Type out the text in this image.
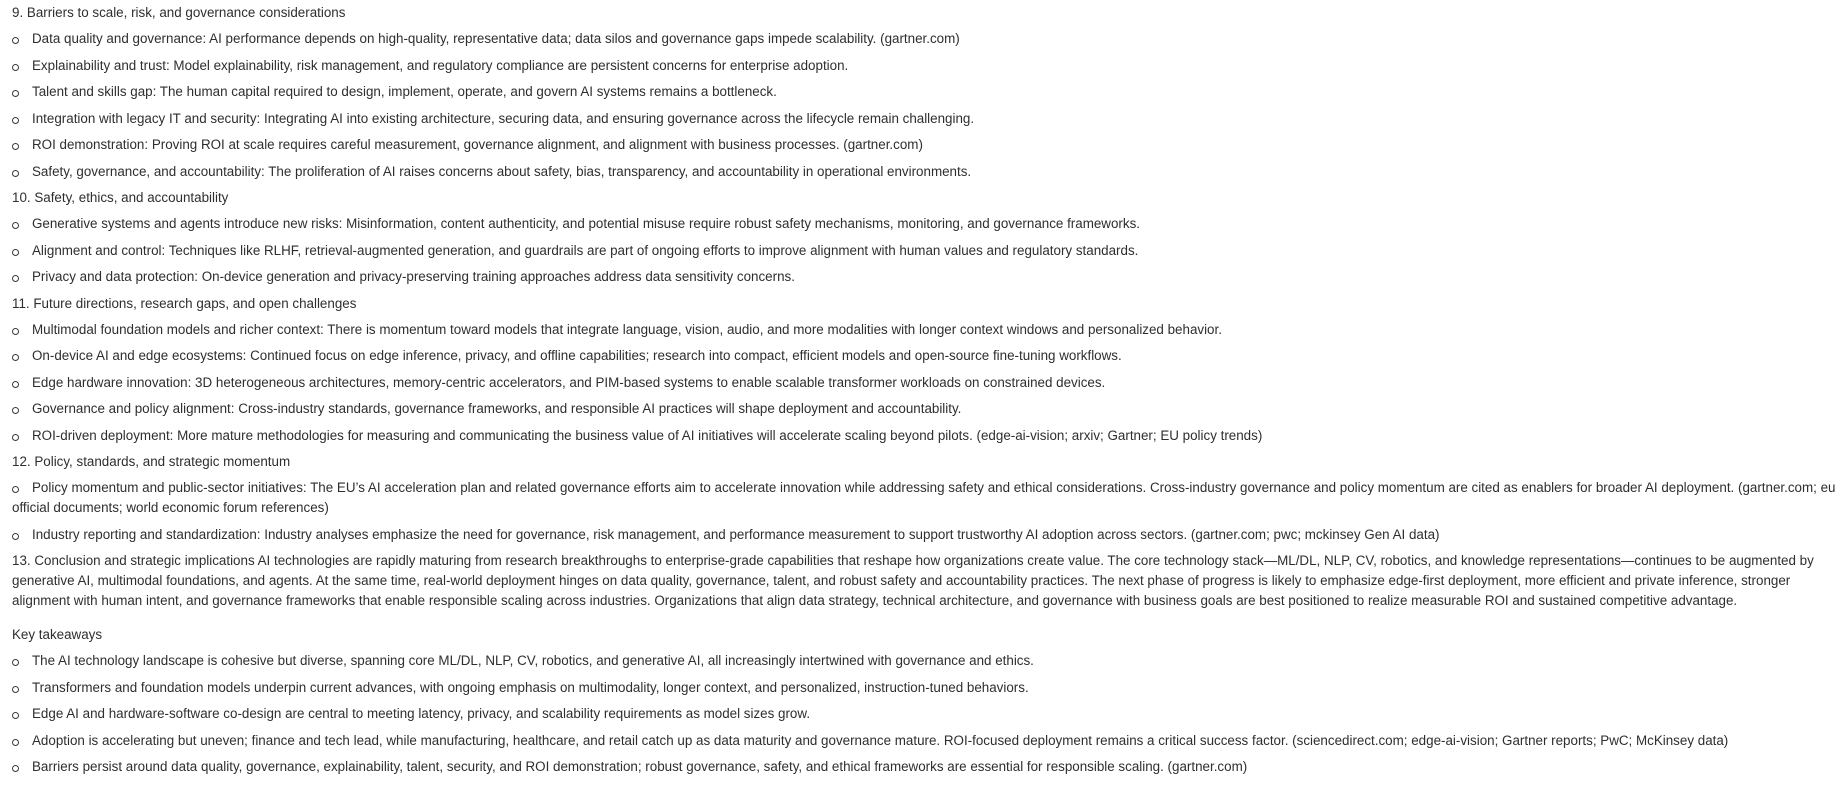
9. Barriers to scale, risk, and governance considerations
Data quality and governance: AI performance depends on high-quality, representative data; data silos and governance gaps impede scalability. (gartner.com)
Explainability and trust: Model explainability, risk management, and regulatory compliance are persistent concerns for enterprise adoption.
Talent and skills gap: The human capital required to design, implement, operate, and govern AI systems remains a bottleneck.
Integration with legacy IT and security: Integrating AI into existing architecture, securing data, and ensuring governance across the lifecycle remain challenging.
ROI demonstration: Proving ROI at scale requires careful measurement, governance alignment, and alignment with business processes. (gartner.com)
Safety, governance, and accountability: The proliferation of AI raises concerns about safety, bias, transparency, and accountability in operational environments.
10. Safety, ethics, and accountability
Generative systems and agents introduce new risks: Misinformation, content authenticity, and potential misuse require robust safety mechanisms, monitoring, and governance frameworks.
Alignment and control: Techniques like RLHF, retrieval-augmented generation, and guardrails are part of ongoing efforts to improve alignment with human values and regulatory standards.
Privacy and data protection: On-device generation and privacy-preserving training approaches address data sensitivity concerns.
11. Future directions, research gaps, and open challenges
Multimodal foundation models and richer context: There is momentum toward models that integrate language, vision, audio, and more modalities with longer context windows and personalized behavior.
On-device AI and edge ecosystems: Continued focus on edge inference, privacy, and offline capabilities; research into compact, efficient models and open-source fine-tuning workflows.
Edge hardware innovation: 3D heterogeneous architectures, memory-centric accelerators, and PIM-based systems to enable scalable transformer workloads on constrained devices.
Governance and policy alignment: Cross-industry standards, governance frameworks, and responsible AI practices will shape deployment and accountability.
ROI-driven deployment: More mature methodologies for measuring and communicating the business value of AI initiatives will accelerate scaling beyond pilots. (edge-ai-vision; arxiv; Gartner; EU policy trends)
12. Policy, standards, and strategic momentum
Policy momentum and public-sector initiatives: The EU’s AI acceleration plan and related governance efforts aim to accelerate innovation while addressing safety and ethical considerations. Cross-industry governance and policy momentum are cited as enablers for broader AI deployment. (gartner.com; eu official documents; world economic forum references)
Industry reporting and standardization: Industry analyses emphasize the need for governance, risk management, and performance measurement to support trustworthy AI adoption across sectors. (gartner.com; pwc; mckinsey Gen AI data)
13. Conclusion and strategic implications AI technologies are rapidly maturing from research breakthroughs to enterprise-grade capabilities that reshape how organizations create value. The core technology stack—ML/DL, NLP, CV, robotics, and knowledge representations—continues to be augmented by generative AI, multimodal foundations, and agents. At the same time, real-world deployment hinges on data quality, governance, talent, and robust safety and accountability practices. The next phase of progress is likely to emphasize edge-first deployment, more efficient and private inference, stronger alignment with human intent, and governance frameworks that enable responsible scaling across industries. Organizations that align data strategy, technical architecture, and governance with business goals are best positioned to realize measurable ROI and sustained competitive advantage.
Key takeaways
The AI technology landscape is cohesive but diverse, spanning core ML/DL, NLP, CV, robotics, and generative AI, all increasingly intertwined with governance and ethics.
Transformers and foundation models underpin current advances, with ongoing emphasis on multimodality, longer context, and personalized, instruction-tuned behaviors.
Edge AI and hardware-software co-design are central to meeting latency, privacy, and scalability requirements as model sizes grow.
Adoption is accelerating but uneven; finance and tech lead, while manufacturing, healthcare, and retail catch up as data maturity and governance mature. ROI-focused deployment remains a critical success factor. (sciencedirect.com; edge-ai-vision; Gartner reports; PwC; McKinsey data)
Barriers persist around data quality, governance, explainability, talent, security, and ROI demonstration; robust governance, safety, and ethical frameworks are essential for responsible scaling. (gartner.com)
